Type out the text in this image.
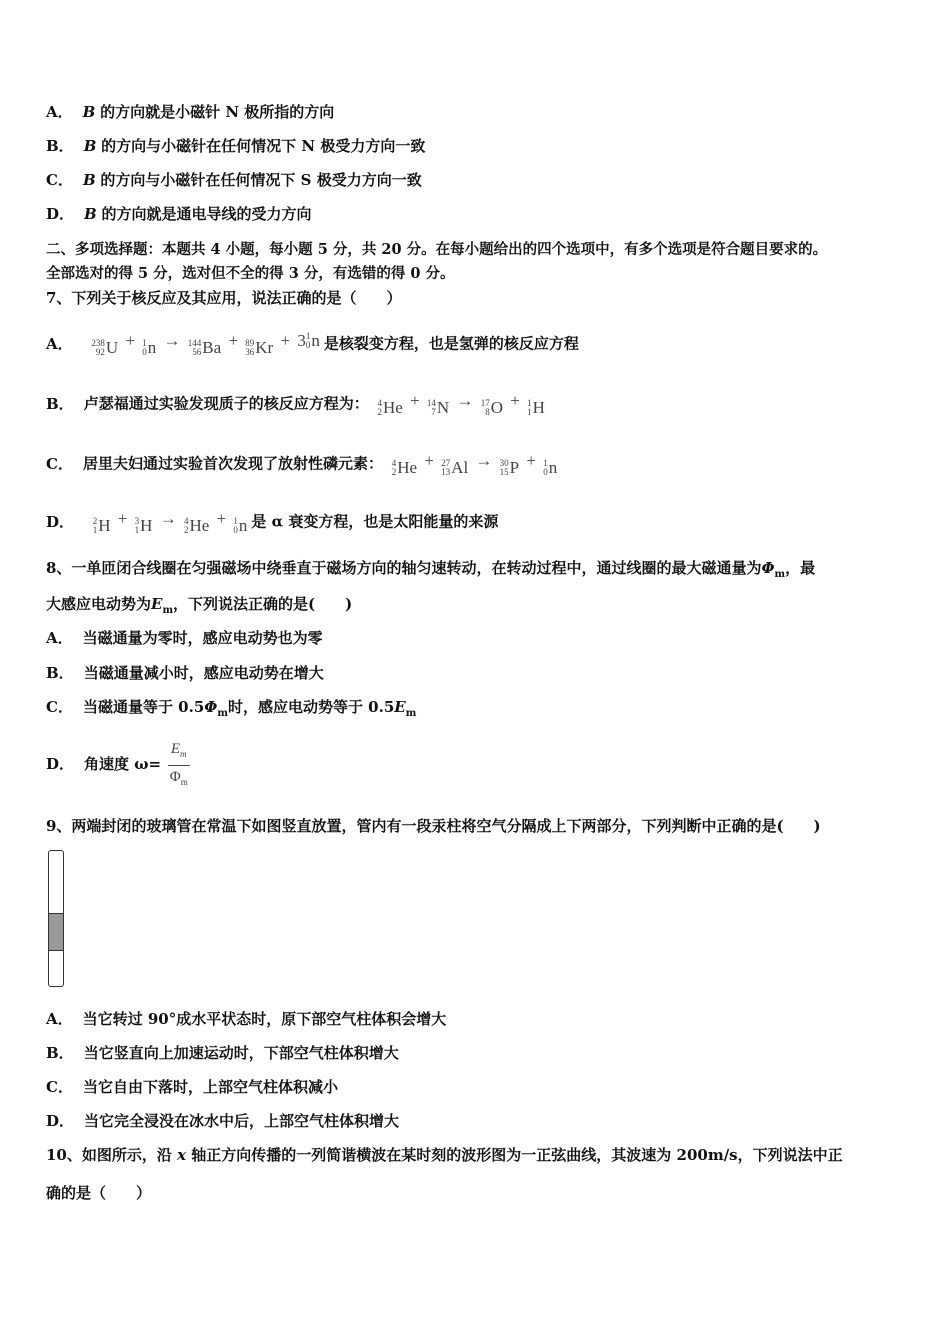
A． B 的方向就是小磁针 N 极所指的方向
B． B 的方向与小磁针在任何情况下 N 极受力方向一致
C． B 的方向与小磁针在任何情况下 S 极受力方向一致
D． B 的方向就是通电导线的受力方向
二、多项选择题：本题共 4 小题，每小题 5 分，共 20 分。在每小题给出的四个选项中，有多个选项是符合题目要求的。
全部选对的得 5 分，选对但不全的得 3 分，有选错的得 0 分。
7、下列关于核反应及其应用，说法正确的是（　　）
A． 238
92 U + 1
0 n → 144
56 Ba + 89
36 Kr + 3 1
0 n 是核裂变方程，也是氢弹的核反应方程
B． 卢瑟福通过实验发现质子的核反应方程为： 4
2 He + 14
7 N → 17
8 O + 1
1 H
C． 居里夫妇通过实验首次发现了放射性磷元素： 4
2 He + 27
13 Al → 30
15 P + 1
0 n
D． 2
1 H + 3
1 H → 4
2 He + 1
0 n 是 α 衰变方程，也是太阳能量的来源
8、一单匝闭合线圈在匀强磁场中绕垂直于磁场方向的轴匀速转动，在转动过程中，通过线圈的最大磁通量为$\Phi_m$，最
大感应电动势为$E_m$，下列说法正确的是(　　)
A． 当磁通量为零时，感应电动势也为零
B． 当磁通量减小时，感应电动势在增大
C． 当磁通量等于 $0.5\Phi_m$时，感应电动势等于 $0.5E_m$
D． 角速度 $\omega= \frac{E_m}{\Phi_m}$
9、两端封闭的玻璃管在常温下如图竖直放置，管内有一段汞柱将空气分隔成上下两部分，下列判断中正确的是(　　)
A． 当它转过 90°成水平状态时，原下部空气柱体积会增大
B． 当它竖直向上加速运动时，下部空气柱体积增大
C． 当它自由下落时，上部空气柱体积减小
D． 当它完全浸没在冰水中后，上部空气柱体积增大
10、如图所示，沿 x 轴正方向传播的一列简谐横波在某时刻的波形图为一正弦曲线，其波速为 200m/s，下列说法中正
确的是（　　）
